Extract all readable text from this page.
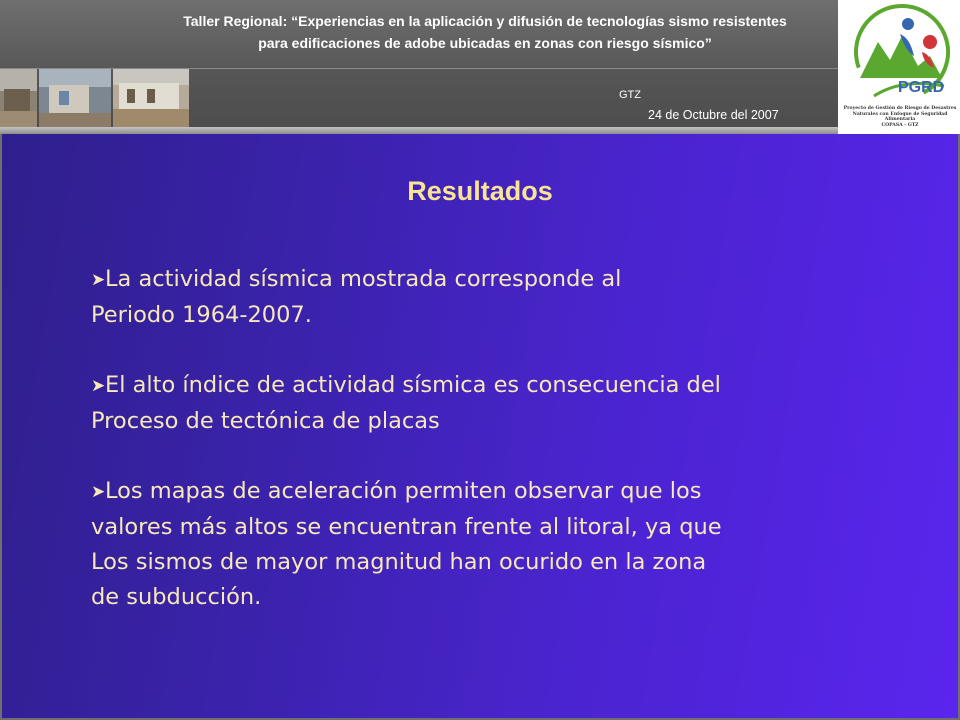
Taller Regional: “Experiencias en la aplicación y difusión de tecnologías sismo resistentes
para edificaciones de adobe ubicadas en zonas con riesgo sísmico”
GTZ
24 de Octubre del 2007
PGRD
Proyecto de Gestión de Riesgo de Desastres
Naturales con Enfoque de Seguridad Alimentaria
COPASA - GTZ
Resultados
➤La actividad sísmica mostrada corresponde al
Periodo 1964-2007.
➤El alto índice de actividad sísmica es consecuencia del
Proceso de tectónica de placas
➤Los mapas de aceleración permiten observar que los
valores más altos se encuentran frente al litoral, ya que
Los sismos de mayor magnitud han ocurido en la zona
de subducción.
